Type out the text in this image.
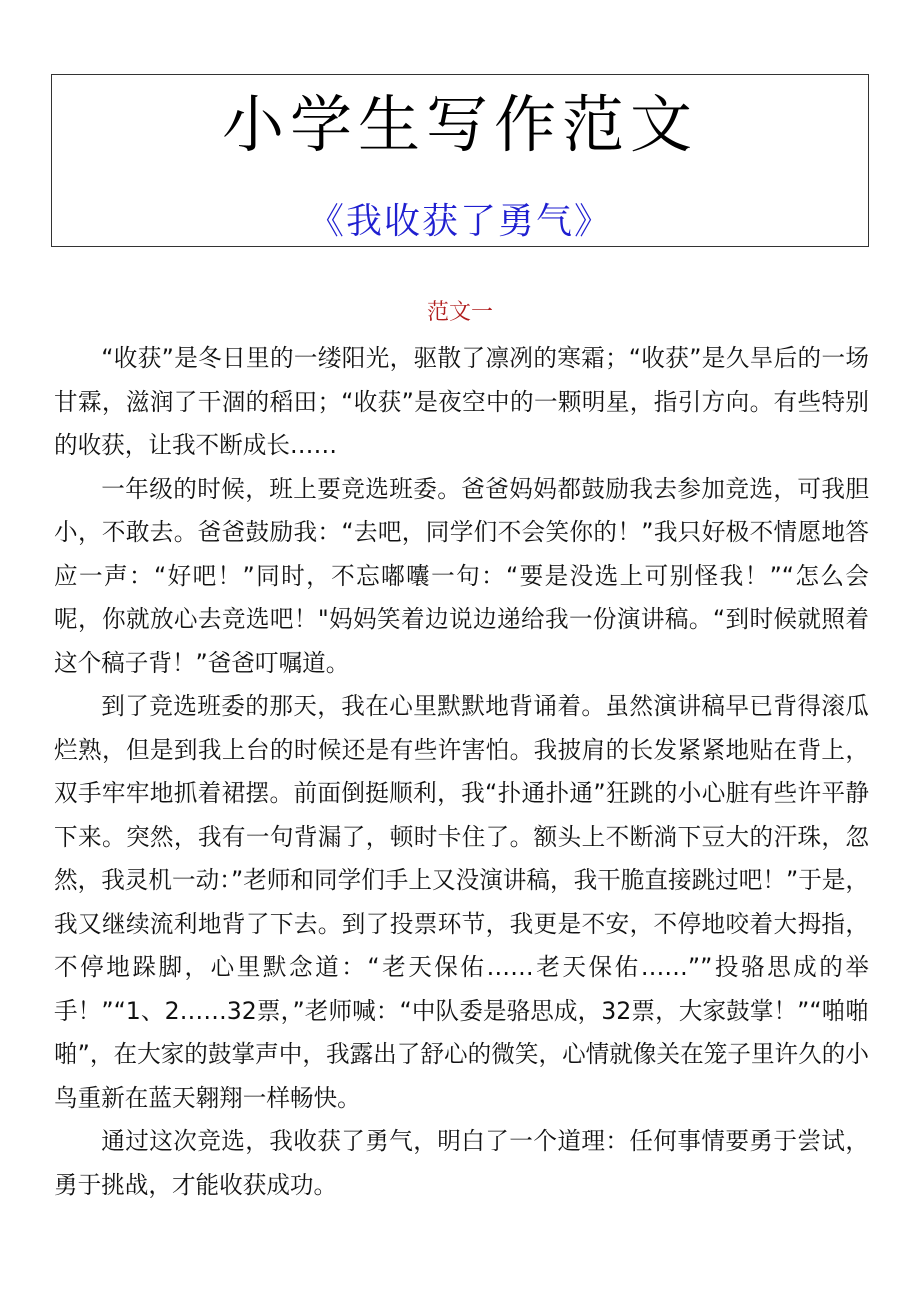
小学生写作范文
《我收获了勇气》
范文一

“收获”是冬日里的一缕阳光，驱散了凛冽的寒霜；“收获”是久旱后的一场甘霖，滋润了干涸的稻田；“收获”是夜空中的一颗明星，指引方向。有些特别的收获，让我不断成长……

一年级的时候，班上要竞选班委。爸爸妈妈都鼓励我去参加竞选，可我胆小，不敢去。爸爸鼓励我：“去吧，同学们不会笑你的！”我只好极不情愿地答应一声：“好吧！”同时，不忘嘟囔一句：“要是没选上可别怪我！”“怎么会呢，你就放心去竞选吧！"妈妈笑着边说边递给我一份演讲稿。“到时候就照着这个稿子背！”爸爸叮嘱道。

到了竞选班委的那天，我在心里默默地背诵着。虽然演讲稿早已背得滚瓜烂熟，但是到我上台的时候还是有些许害怕。我披肩的长发紧紧地贴在背上，双手牢牢地抓着裙摆。前面倒挺顺利，我“扑通扑通”狂跳的小心脏有些许平静下来。突然，我有一句背漏了，顿时卡住了。额头上不断淌下豆大的汗珠，忽然，我灵机一动：”老师和同学们手上又没演讲稿，我干脆直接跳过吧！”于是，我又继续流利地背了下去。到了投票环节，我更是不安，不停地咬着大拇指，不停地跺脚，心里默念道：“老天保佑……老天保佑……””投骆思成的举手！”“1、2……32票，”老师喊：“中队委是骆思成，32票，大家鼓掌！”“啪啪啪”，在大家的鼓掌声中，我露出了舒心的微笑，心情就像关在笼子里许久的小鸟重新在蓝天翱翔一样畅快。

通过这次竞选，我收获了勇气，明白了一个道理：任何事情要勇于尝试，勇于挑战，才能收获成功。
